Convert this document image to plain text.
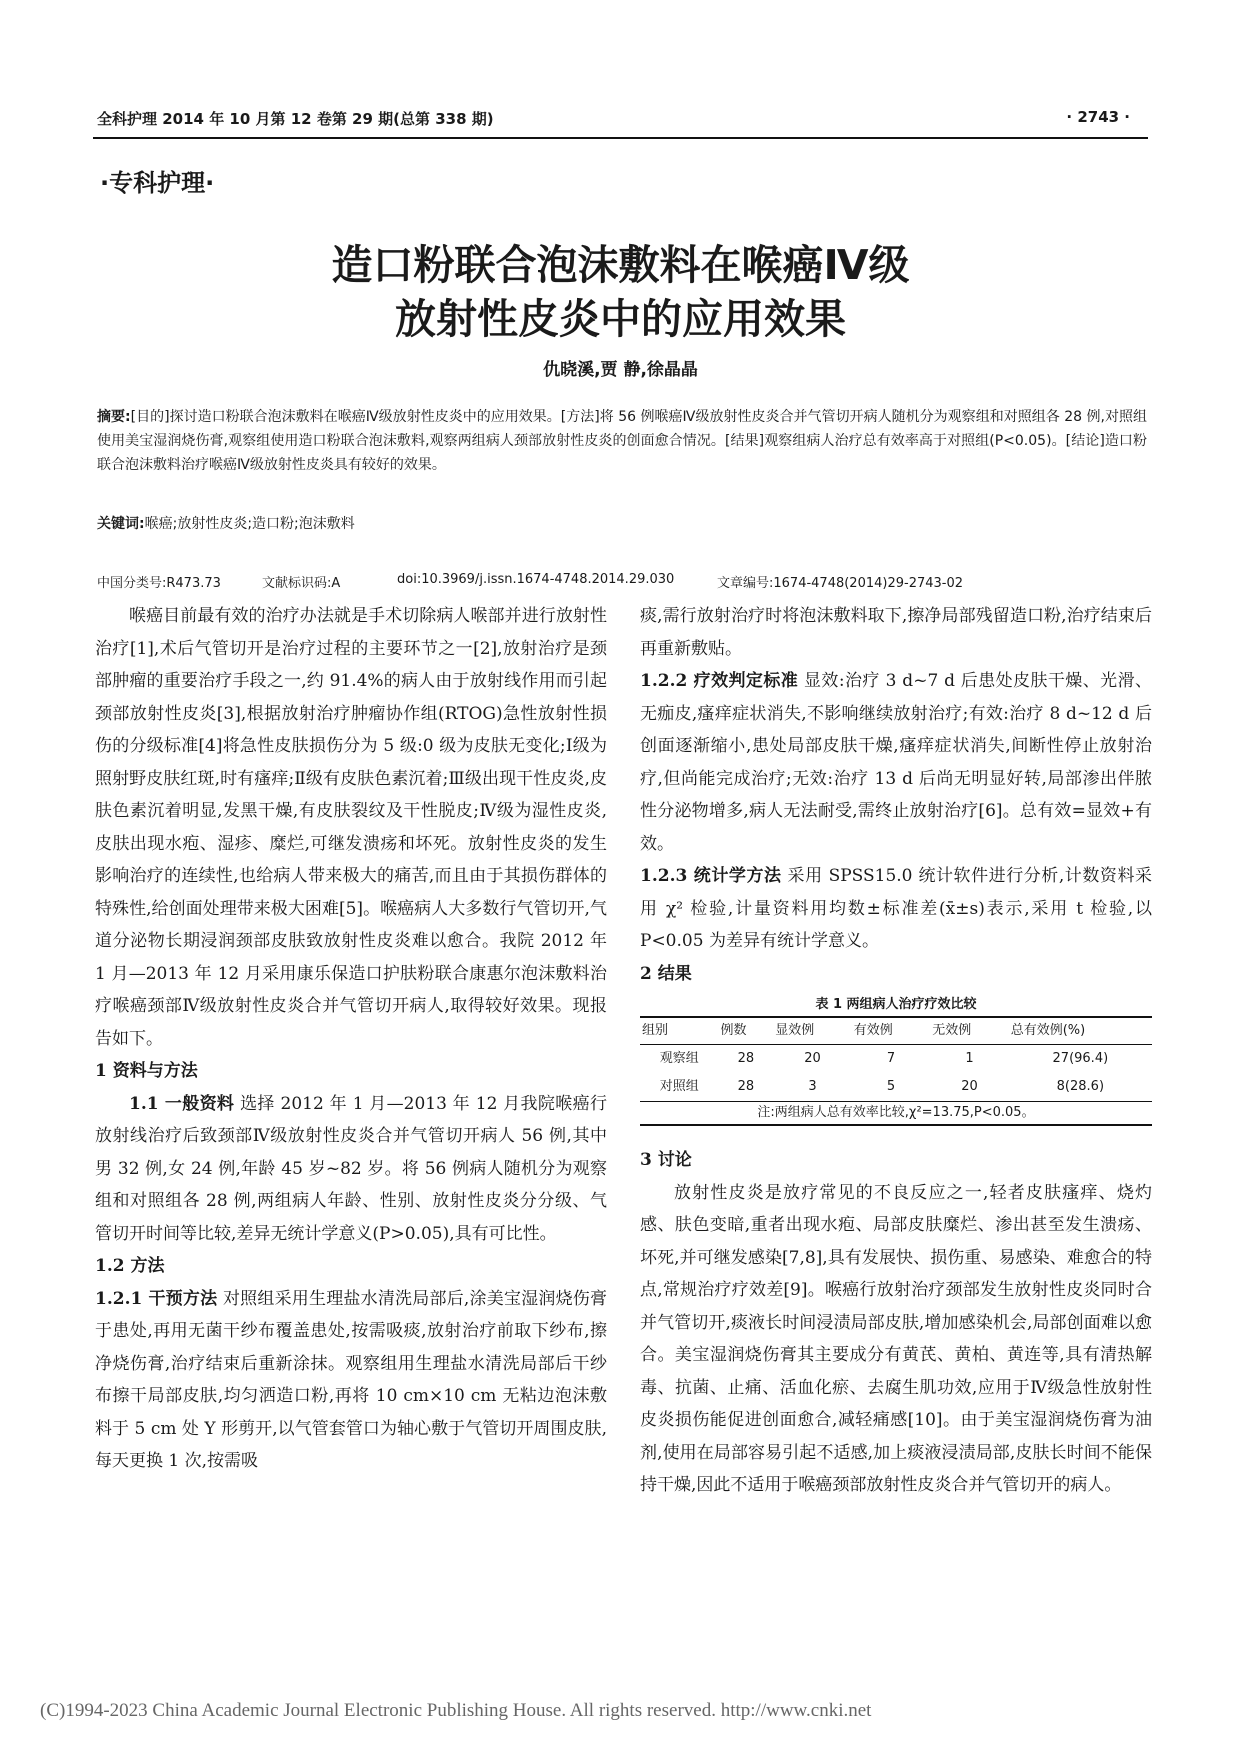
全科护理 2014 年 10 月第 12 卷第 29 期(总第 338 期)	· 2743 ·
·专科护理·
造口粉联合泡沫敷料在喉癌Ⅳ级
放射性皮炎中的应用效果
仇晓溪,贾 静,徐晶晶
摘要:[目的]探讨造口粉联合泡沫敷料在喉癌Ⅳ级放射性皮炎中的应用效果。[方法]将 56 例喉癌Ⅳ级放射性皮炎合并气管切开病人随机分为观察组和对照组各 28 例,对照组使用美宝湿润烧伤膏,观察组使用造口粉联合泡沫敷料,观察两组病人颈部放射性皮炎的创面愈合情况。[结果]观察组病人治疗总有效率高于对照组(P<0.05)。[结论]造口粉联合泡沫敷料治疗喉癌Ⅳ级放射性皮炎具有较好的效果。
关键词:喉癌;放射性皮炎;造口粉;泡沫敷料
中国分类号:R473.73	文献标识码:A	doi:10.3969/j.issn.1674-4748.2014.29.030	文章编号:1674-4748(2014)29-2743-02

喉癌目前最有效的治疗办法就是手术切除病人喉部并进行放射性治疗[1],术后气管切开是治疗过程的主要环节之一[2],放射治疗是颈部肿瘤的重要治疗手段之一,约 91.4%的病人由于放射线作用而引起颈部放射性皮炎[3],根据放射治疗肿瘤协作组(RTOG)急性放射性损伤的分级标准[4]将急性皮肤损伤分为 5 级:0 级为皮肤无变化;Ⅰ级为照射野皮肤红斑,时有瘙痒;Ⅱ级有皮肤色素沉着;Ⅲ级出现干性皮炎,皮肤色素沉着明显,发黑干燥,有皮肤裂纹及干性脱皮;Ⅳ级为湿性皮炎,皮肤出现水疱、湿疹、糜烂,可继发溃疡和坏死。放射性皮炎的发生影响治疗的连续性,也给病人带来极大的痛苦,而且由于其损伤群体的特殊性,给创面处理带来极大困难[5]。喉癌病人大多数行气管切开,气道分泌物长期浸润颈部皮肤致放射性皮炎难以愈合。我院 2012 年 1 月—2013 年 12 月采用康乐保造口护肤粉联合康惠尔泡沫敷料治疗喉癌颈部Ⅳ级放射性皮炎合并气管切开病人,取得较好效果。现报告如下。

1 资料与方法

1.1 一般资料 选择 2012 年 1 月—2013 年 12 月我院喉癌行放射线治疗后致颈部Ⅳ级放射性皮炎合并气管切开病人 56 例,其中男 32 例,女 24 例,年龄 45 岁~82 岁。将 56 例病人随机分为观察组和对照组各 28 例,两组病人年龄、性别、放射性皮炎分分级、气管切开时间等比较,差异无统计学意义(P>0.05),具有可比性。

1.2 方法

1.2.1 干预方法 对照组采用生理盐水清洗局部后,涂美宝湿润烧伤膏于患处,再用无菌干纱布覆盖患处,按需吸痰,放射治疗前取下纱布,擦净烧伤膏,治疗结束后重新涂抹。观察组用生理盐水清洗局部后干纱布擦干局部皮肤,均匀洒造口粉,再将 10 cm×10 cm 无粘边泡沫敷料于 5 cm 处 Y 形剪开,以气管套管口为轴心敷于气管切开周围皮肤,每天更换 1 次,按需吸

痰,需行放射治疗时将泡沫敷料取下,擦净局部残留造口粉,治疗结束后再重新敷贴。

1.2.2 疗效判定标准 显效:治疗 3 d~7 d 后患处皮肤干燥、光滑、无痂皮,瘙痒症状消失,不影响继续放射治疗;有效:治疗 8 d~12 d 后创面逐渐缩小,患处局部皮肤干燥,瘙痒症状消失,间断性停止放射治疗,但尚能完成治疗;无效:治疗 13 d 后尚无明显好转,局部渗出伴脓性分泌物增多,病人无法耐受,需终止放射治疗[6]。总有效=显效+有效。

1.2.3 统计学方法 采用 SPSS15.0 统计软件进行分析,计数资料采用 χ² 检验,计量资料用均数±标准差(x̄±s)表示,采用 t 检验,以 P<0.05 为差异有统计学意义。

2 结果

表 1 两组病人治疗疗效比较
组别	例数	显效例	有效例	无效例	总有效例(%)
观察组	28	20	7	1	27(96.4)
对照组	28	3	5	20	8(28.6)
注:两组病人总有效率比较,χ²=13.75,P<0.05。

3 讨论

放射性皮炎是放疗常见的不良反应之一,轻者皮肤瘙痒、烧灼感、肤色变暗,重者出现水疱、局部皮肤糜烂、渗出甚至发生溃疡、坏死,并可继发感染[7,8],具有发展快、损伤重、易感染、难愈合的特点,常规治疗疗效差[9]。喉癌行放射治疗颈部发生放射性皮炎同时合并气管切开,痰液长时间浸渍局部皮肤,增加感染机会,局部创面难以愈合。美宝湿润烧伤膏其主要成分有黄芪、黄柏、黄连等,具有清热解毒、抗菌、止痛、活血化瘀、去腐生肌功效,应用于Ⅳ级急性放射性皮炎损伤能促进创面愈合,减轻痛感[10]。由于美宝湿润烧伤膏为油剂,使用在局部容易引起不适感,加上痰液浸渍局部,皮肤长时间不能保持干燥,因此不适用于喉癌颈部放射性皮炎合并气管切开的病人。

(C)1994-2023 China Academic Journal Electronic Publishing House. All rights reserved. http://www.cnki.net
